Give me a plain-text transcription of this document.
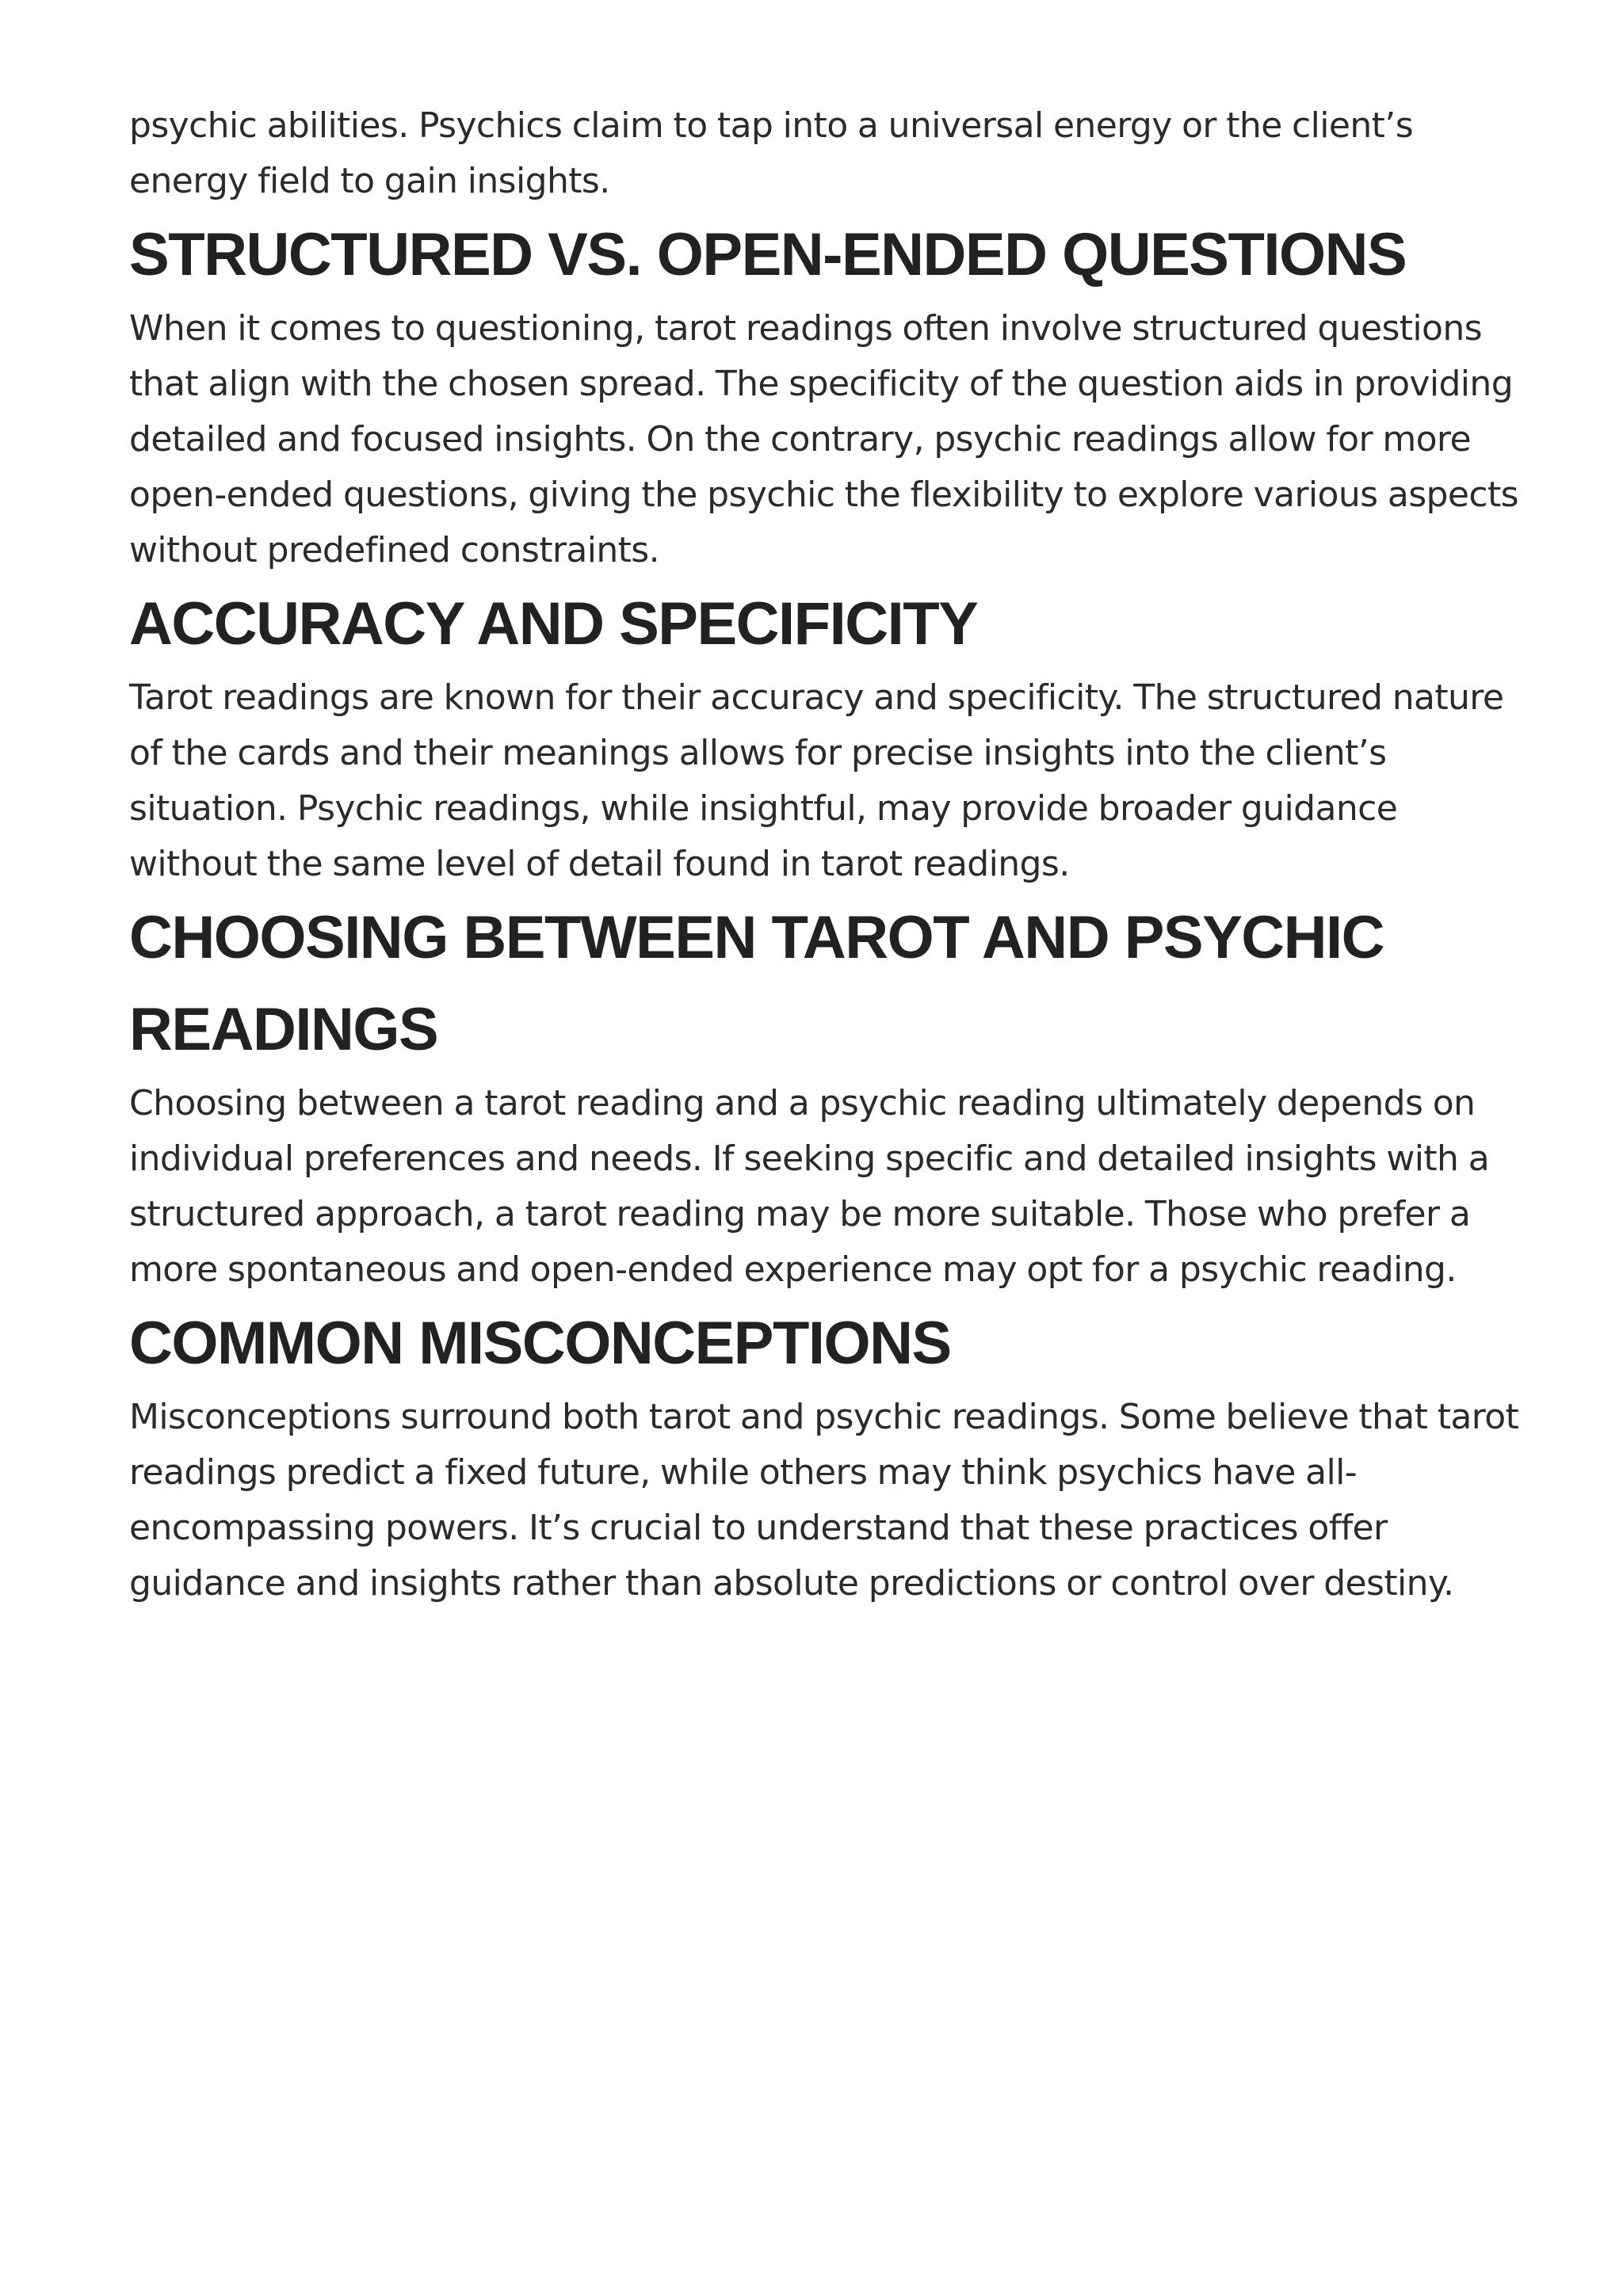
psychic abilities. Psychics claim to tap into a universal energy or the client’s energy field to gain insights.

STRUCTURED VS. OPEN-ENDED QUESTIONS

When it comes to questioning, tarot readings often involve structured questions that align with the chosen spread. The specificity of the question aids in providing detailed and focused insights. On the contrary, psychic readings allow for more open-ended questions, giving the psychic the flexibility to explore various aspects without predefined constraints.

ACCURACY AND SPECIFICITY

Tarot readings are known for their accuracy and specificity. The structured nature of the cards and their meanings allows for precise insights into the client’s situation. Psychic readings, while insightful, may provide broader guidance without the same level of detail found in tarot readings.

CHOOSING BETWEEN TAROT AND PSYCHIC READINGS

Choosing between a tarot reading and a psychic reading ultimately depends on individual preferences and needs. If seeking specific and detailed insights with a structured approach, a tarot reading may be more suitable. Those who prefer a more spontaneous and open-ended experience may opt for a psychic reading.

COMMON MISCONCEPTIONS

Misconceptions surround both tarot and psychic readings. Some believe that tarot readings predict a fixed future, while others may think psychics have all-encompassing powers. It’s crucial to understand that these practices offer guidance and insights rather than absolute predictions or control over destiny.
